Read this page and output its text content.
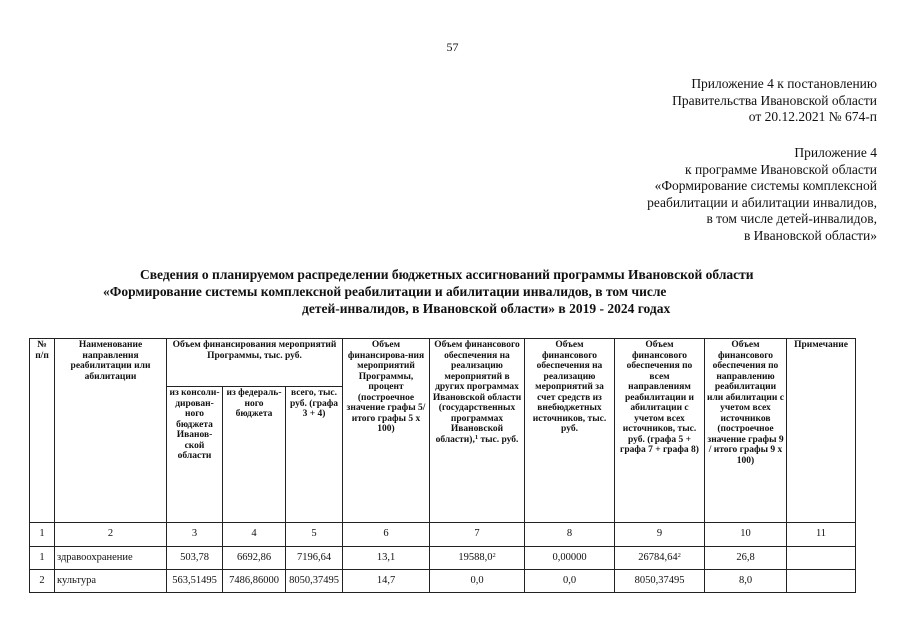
57
Приложение 4 к постановлению
Правительства Ивановской области
от 20.12.2021 № 674-п
Приложение 4
к программе Ивановской области
«Формирование системы комплексной
реабилитации и абилитации инвалидов,
в том числе детей-инвалидов,
в Ивановской области»
Сведения о планируемом распределении бюджетных ассигнований программы Ивановской области
«Формирование системы комплексной реабилитации и абилитации инвалидов, в том числе
детей-инвалидов, в Ивановской области» в 2019 - 2024 годах
№ п/п	Наименование направления реабилитации или абилитации	Объем финансирования мероприятий Программы, тыс. руб.			Объем финансирова-ния мероприятий Программы, процент (построечное значение графы 5/итого графы 5 х 100)	Объем финансового обеспечения на реализацию мероприятий в других программах Ивановской области (государственных программах Ивановской области),$^1$ тыс. руб.	Объем финансового обеспечения на реализацию мероприятий за счет средств из внебюджетных источников, тыс. руб.	Объем финансового обеспечения по всем направлениям реабилитации и абилитации с учетом всех источников, тыс. руб. (графа 5 + графа 7 + графа 8)	Объем финансового обеспечения по направлению реабилитации или абилитации с учетом всех источников (построечное значение графы 9 / итого графы 9 х 100)	Примечание
		из консоли-дирован-ного бюджета Иванов-ской области	из федераль-ного бюджета	всего, тыс. руб. (графа 3 + 4)						
1	2	3	4	5	6	7	8	9	10	11
1	здравоохранение	503,78	6692,86	7196,64	13,1	19588,0$^2$	0,00000	26784,64$^2$	26,8	
2	культура	563,51495	7486,86000	8050,37495	14,7	0,0	0,0	8050,37495	8,0	
